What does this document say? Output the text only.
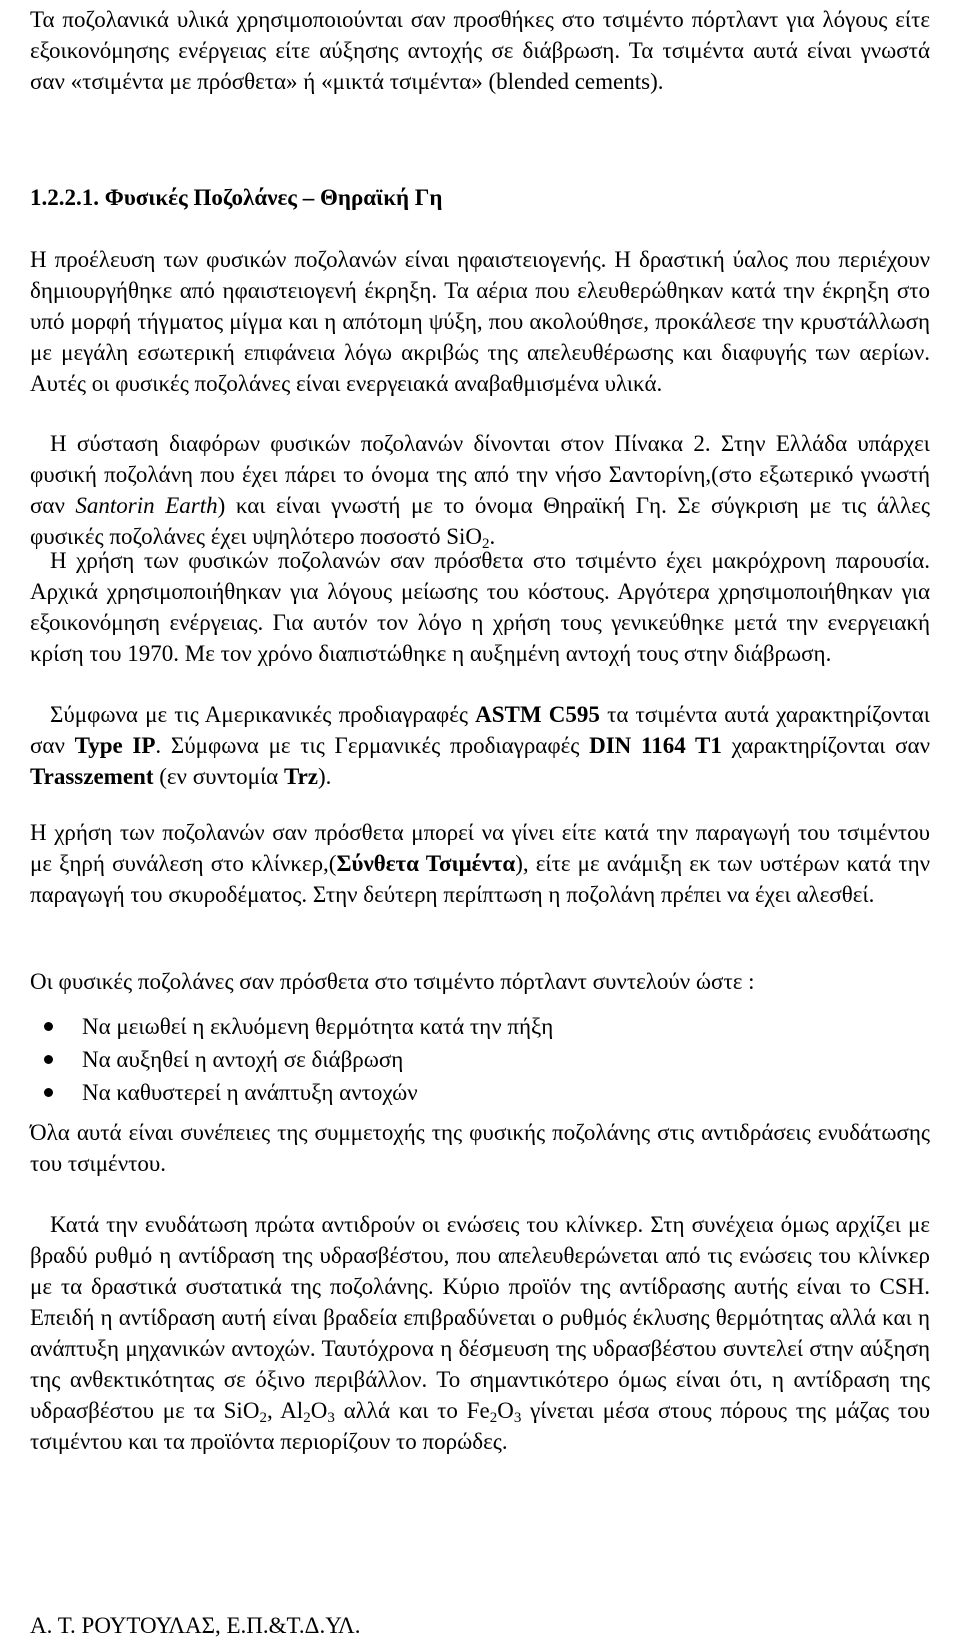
Τα ποζολανικά υλικά χρησιμοποιούνται σαν προσθήκες στο τσιμέντο πόρτλαντ για λόγους είτε εξοικονόμησης ενέργειας είτε αύξησης αντοχής σε διάβρωση. Τα τσιμέντα αυτά είναι γνωστά σαν «τσιμέντα με πρόσθετα» ή «μικτά τσιμέντα» (blended cements).

1.2.2.1. Φυσικές Ποζολάνες – Θηραϊκή Γη

Η προέλευση των φυσικών ποζολανών είναι ηφαιστειογενής. Η δραστική ύαλος που περιέχουν δημιουργήθηκε από ηφαιστειογενή έκρηξη. Τα αέρια που ελευθερώθηκαν κατά την έκρηξη στο υπό μορφή τήγματος μίγμα και η απότομη ψύξη, που ακολούθησε, προκάλεσε την κρυστάλλωση με μεγάλη εσωτερική επιφάνεια λόγω ακριβώς της απελευθέρωσης και διαφυγής των αερίων. Αυτές οι φυσικές ποζολάνες είναι ενεργειακά αναβαθμισμένα υλικά.

Η σύσταση διαφόρων φυσικών ποζολανών δίνονται στον Πίνακα 2. Στην Ελλάδα υπάρχει φυσική ποζολάνη που έχει πάρει το όνομα της από την νήσο Σαντορίνη,(στο εξωτερικό γνωστή σαν Santorin Earth) και είναι γνωστή με το όνομα Θηραϊκή Γη. Σε σύγκριση με τις άλλες φυσικές ποζολάνες έχει υψηλότερο ποσοστό SiO$_2$.

Η χρήση των φυσικών ποζολανών σαν πρόσθετα στο τσιμέντο έχει μακρόχρονη παρουσία. Αρχικά χρησιμοποιήθηκαν για λόγους μείωσης του κόστους. Αργότερα χρησιμοποιήθηκαν για εξοικονόμηση ενέργειας. Για αυτόν τον λόγο η χρήση τους γενικεύθηκε μετά την ενεργειακή κρίση του 1970. Με τον χρόνο διαπιστώθηκε η αυξημένη αντοχή τους στην διάβρωση.

Σύμφωνα με τις Αμερικανικές προδιαγραφές ASTM C595 τα τσιμέντα αυτά χαρακτηρίζονται σαν Type IP. Σύμφωνα με τις Γερμανικές προδιαγραφές DIN 1164 T1 χαρακτηρίζονται σαν Trasszement (εν συντομία Trz).

Η χρήση των ποζολανών σαν πρόσθετα μπορεί να γίνει είτε κατά την παραγωγή του τσιμέντου με ξηρή συνάλεση στο κλίνκερ,(Σύνθετα Τσιμέντα), είτε με ανάμιξη εκ των υστέρων κατά την παραγωγή του σκυροδέματος. Στην δεύτερη περίπτωση η ποζολάνη πρέπει να έχει αλεσθεί.

Οι φυσικές ποζολάνες σαν πρόσθετα στο τσιμέντο πόρτλαντ συντελούν ώστε :

Να μειωθεί η εκλυόμενη θερμότητα κατά την πήξη
Να αυξηθεί η αντοχή σε διάβρωση
Να καθυστερεί η ανάπτυξη αντοχών

Όλα αυτά είναι συνέπειες της συμμετοχής της φυσικής ποζολάνης στις αντιδράσεις ενυδάτωσης του τσιμέντου.

Κατά την ενυδάτωση πρώτα αντιδρούν οι ενώσεις του κλίνκερ. Στη συνέχεια όμως αρχίζει με βραδύ ρυθμό η αντίδραση της υδρασβέστου, που απελευθερώνεται από τις ενώσεις του κλίνκερ με τα δραστικά συστατικά της ποζολάνης. Κύριο προϊόν της αντίδρασης αυτής είναι το CSH. Επειδή η αντίδραση αυτή είναι βραδεία επιβραδύνεται ο ρυθμός έκλυσης θερμότητας αλλά και η ανάπτυξη μηχανικών αντοχών. Ταυτόχρονα η δέσμευση της υδρασβέστου συντελεί στην αύξηση της ανθεκτικότητας σε όξινο περιβάλλον. Το σημαντικότερο όμως είναι ότι, η αντίδραση της υδρασβέστου με τα SiO$_2$, $Al_2O_3$ αλλά και το $Fe_2O_3$ γίνεται μέσα στους πόρους της μάζας του τσιμέντου και τα προϊόντα περιορίζουν το πορώδες.

Α. Τ. ΡΟΥΤΟΥΛΑΣ, Ε.Π.&Τ.Δ.ΥΛ.
